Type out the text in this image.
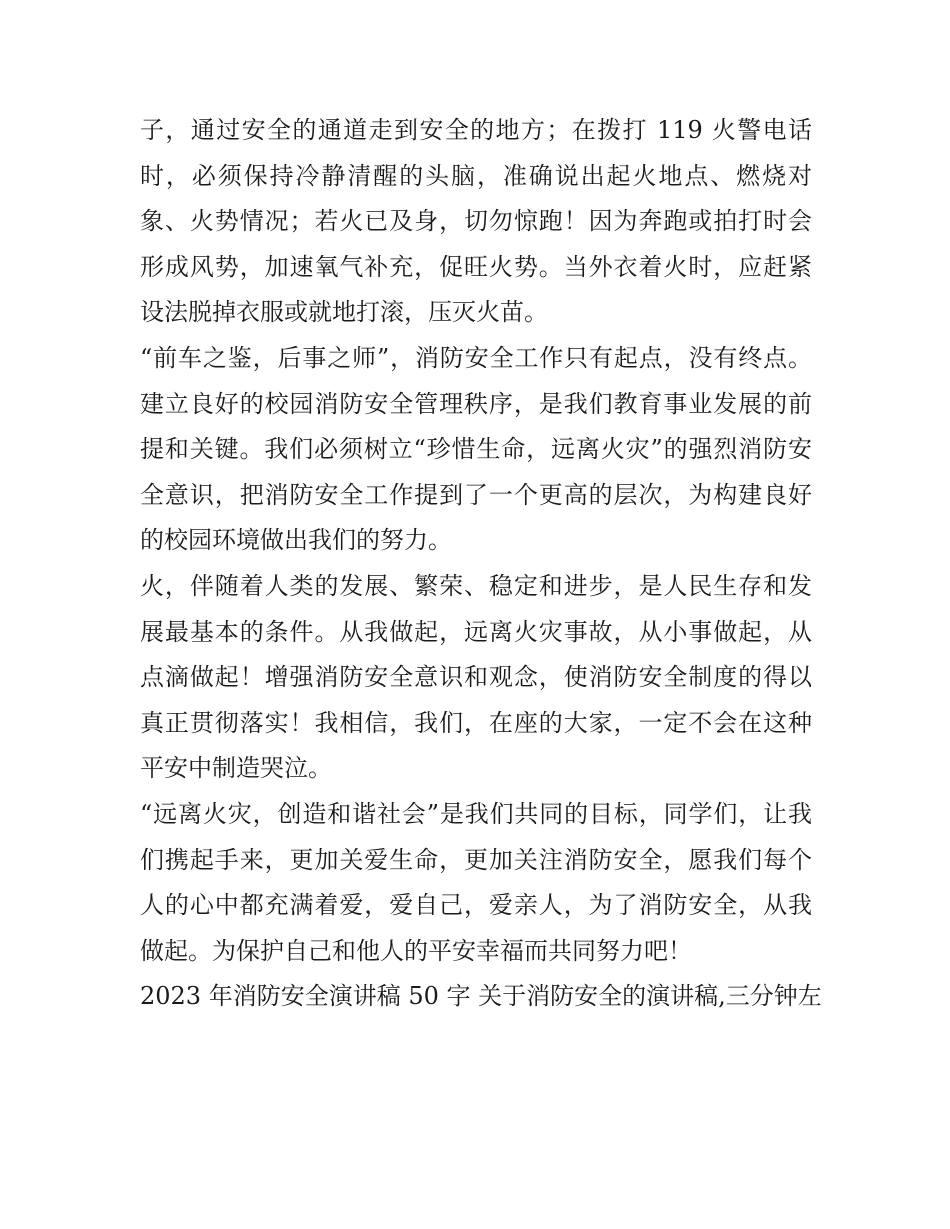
子，通过安全的通道走到安全的地方；在拨打 119 火警电话
时，必须保持冷静清醒的头脑，准确说出起火地点、燃烧对
象、火势情况；若火已及身，切勿惊跑！因为奔跑或拍打时会
形成风势，加速氧气补充，促旺火势。当外衣着火时，应赶紧
设法脱掉衣服或就地打滚，压灭火苗。
“前车之鉴，后事之师”，消防安全工作只有起点，没有终点。
建立良好的校园消防安全管理秩序，是我们教育事业发展的前
提和关键。我们必须树立“珍惜生命，远离火灾”的强烈消防安
全意识，把消防安全工作提到了一个更高的层次，为构建良好
的校园环境做出我们的努力。
火，伴随着人类的发展、繁荣、稳定和进步，是人民生存和发
展最基本的条件。从我做起，远离火灾事故，从小事做起，从
点滴做起！增强消防安全意识和观念，使消防安全制度的得以
真正贯彻落实！我相信，我们，在座的大家，一定不会在这种
平安中制造哭泣。
“远离火灾，创造和谐社会”是我们共同的目标，同学们，让我
们携起手来，更加关爱生命，更加关注消防安全，愿我们每个
人的心中都充满着爱，爱自己，爱亲人，为了消防安全，从我
做起。为保护自己和他人的平安幸福而共同努力吧！
2023 年消防安全演讲稿 50 字 关于消防安全的演讲稿,三分钟左
